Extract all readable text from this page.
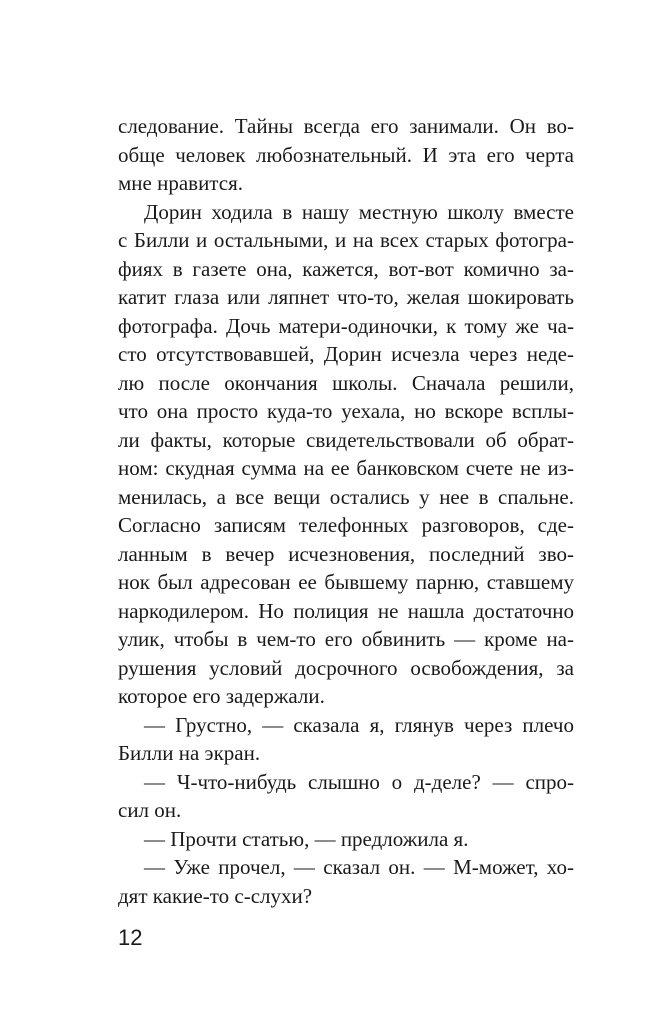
следование. Тайны всегда его занимали. Он во-
обще человек любознательный. И эта его черта
мне нравится.
Дорин ходила в нашу местную школу вместе
с Билли и остальными, и на всех старых фотогра-
фиях в газете она, кажется, вот-вот комично за-
катит глаза или ляпнет что-то, желая шокировать
фотографа. Дочь матери-одиночки, к тому же ча-
сто отсутствовавшей, Дорин исчезла через неде-
лю после окончания школы. Сначала решили,
что она просто куда-то уехала, но вскоре всплы-
ли факты, которые свидетельствовали об обрат-
ном: скудная сумма на ее банковском счете не из-
менилась, а все вещи остались у нее в спальне.
Согласно записям телефонных разговоров, сде-
ланным в вечер исчезновения, последний зво-
нок был адресован ее бывшему парню, ставшему
наркодилером. Но полиция не нашла достаточно
улик, чтобы в чем-то его обвинить — кроме на-
рушения условий досрочного освобождения, за
которое его задержали.
— Грустно, — сказала я, глянув через плечо
Билли на экран.
— Ч-что-нибудь слышно о д-деле? — спро-
сил он.
— Прочти статью, — предложила я.
— Уже прочел, — сказал он. — М-может, хо-
дят какие-то с-слухи?
12
